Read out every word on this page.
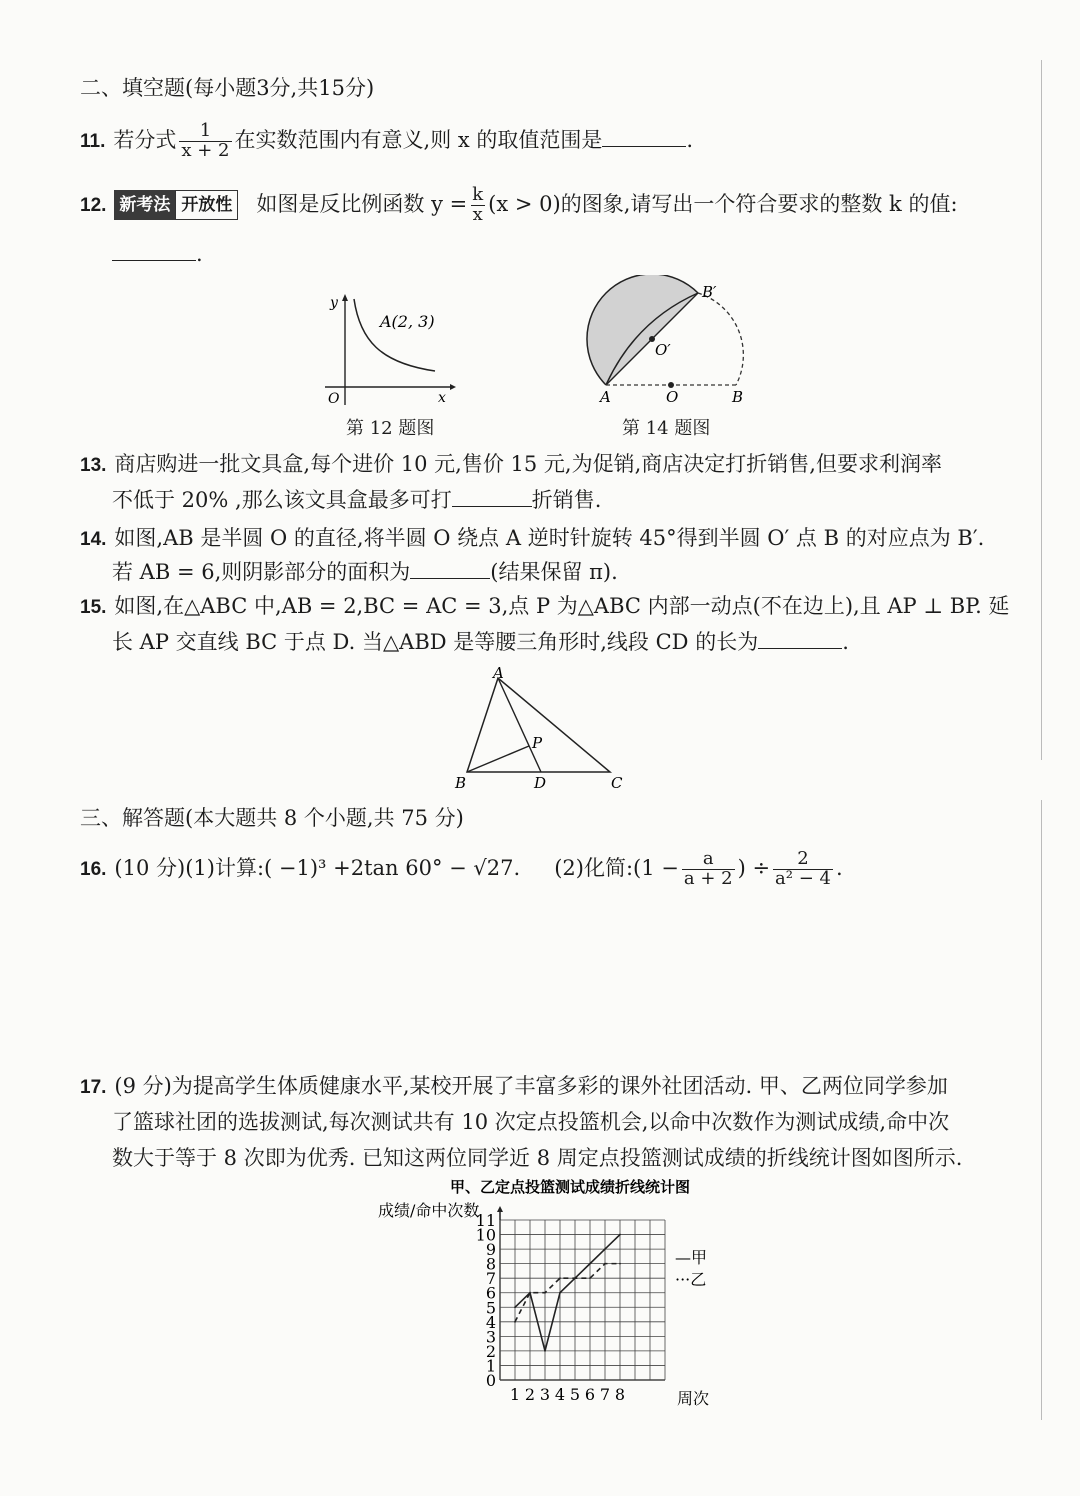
二、填空题(每小题3分,共15分)
11. 若分式 $\frac{1}{x + 2}$ 在实数范围内有意义,则 x 的取值范围是	.
12. 新考法 开放性 如图是反比例函数 $y = \frac{k}{x} (x > 0)$的图象,请写出一个符合要求的整数 k 的值:
.
A(2, 3)
y
x
O
第 12 题图
B′
O′
A	O	B
第 14 题图
13. 商店购进一批文具盒,每个进价 10 元,售价 15 元,为促销,商店决定打折销售,但要求利润率
不低于 20% ,那么该文具盒最多可打	折销售.
14. 如图,AB 是半圆 O 的直径,将半圆 O 绕点 A 逆时针旋转 45°得到半圆 O′ 点 B 的对应点为 B′.
若 AB = 6,则阴影部分的面积为	(结果保留 π).
15. 如图,在△ABC 中,AB = 2,BC = AC = 3,点 P 为△ABC 内部一动点(不在边上),且 AP ⊥ BP. 延
长 AP 交直线 BC 于点 D. 当△ABD 是等腰三角形时,线段 CD 的长为	.
A
B	C
D
P
三、解答题(本大题共 8 个小题,共 75 分)
16. (10 分)(1)计算:( −1)³ +2tan 60° − √27. (2)化简:(1 − $\frac{a}{a + 2}$ ) ÷ $\frac{2}{\text{a² − 4}}$ .
17. (9 分)为提高学生体质健康水平,某校开展了丰富多彩的课外社团活动. 甲、乙两位同学参加
了篮球社团的选拔测试,每次测试共有 10 次定点投篮机会,以命中次数作为测试成绩,命中次
数大于等于 8 次即为优秀. 已知这两位同学近 8 周定点投篮测试成绩的折线统计图如图所示.
甲、乙定点投篮测试成绩折线统计图
成绩/命中次数
0
1
2
3
4
5
6
7
8
9
10
11
1 2 3 4 5 6 7 8	周次
—甲
···乙
